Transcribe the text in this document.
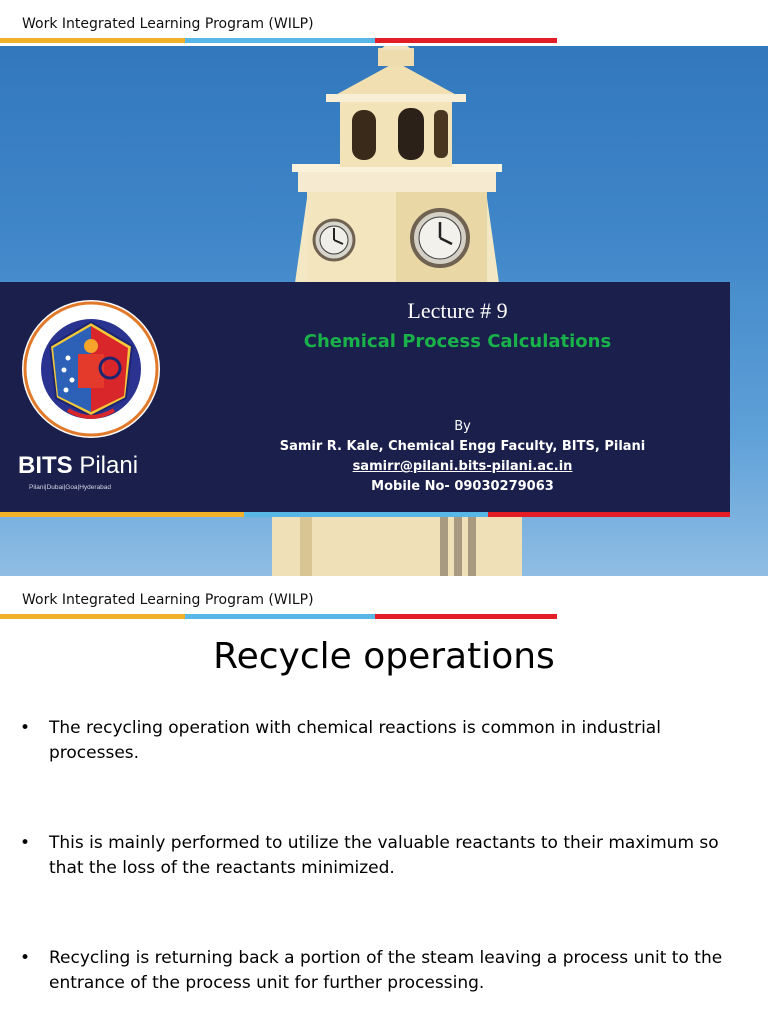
Work Integrated Learning Program (WILP)
BITS Pilani
Pilani|Dubai|Goa|Hyderabad
Lecture # 9
Chemical Process Calculations
By
Samir R. Kale, Chemical Engg Faculty, BITS, Pilani
samirr@pilani.bits-pilani.ac.in
Mobile No- 09030279063
Work Integrated Learning Program (WILP)
Recycle operations
• The recycling operation with chemical reactions is common in industrial processes.
• This is mainly performed to utilize the valuable reactants to their maximum so that the loss of the reactants minimized.
• Recycling is returning back a portion of the steam leaving a process unit to the entrance of the process unit for further processing.
